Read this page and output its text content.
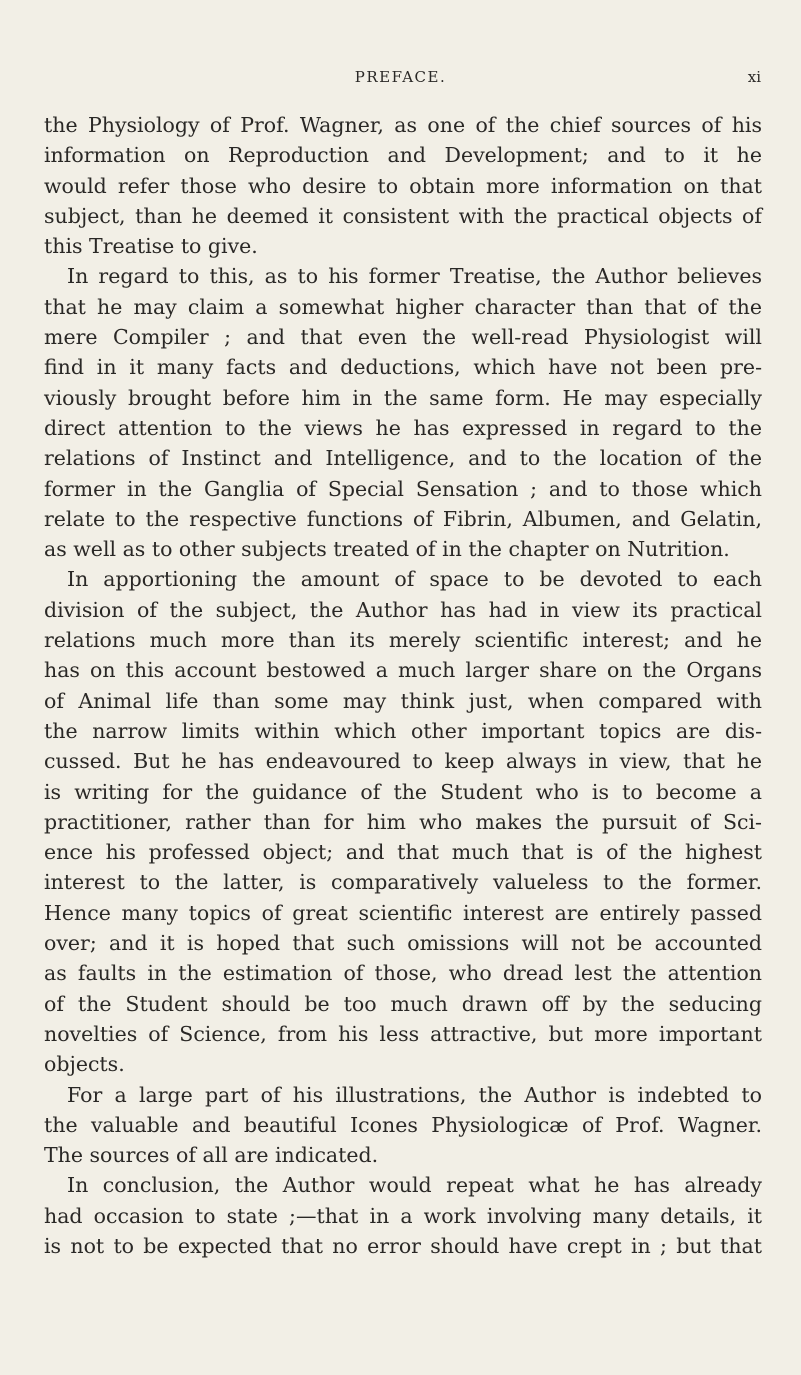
PREFACE.	xi
the Physiology of Prof. Wagner, as one of the chief sources of his
information on Reproduction and Development; and to it he
would refer those who desire to obtain more information on that
subject, than he deemed it consistent with the practical objects of
this Treatise to give.
In regard to this, as to his former Treatise, the Author believes
that he may claim a somewhat higher character than that of the
mere Compiler ; and that even the well-read Physiologist will
find in it many facts and deductions, which have not been pre-
viously brought before him in the same form. He may especially
direct attention to the views he has expressed in regard to the
relations of Instinct and Intelligence, and to the location of the
former in the Ganglia of Special Sensation ; and to those which
relate to the respective functions of Fibrin, Albumen, and Gelatin,
as well as to other subjects treated of in the chapter on Nutrition.
In apportioning the amount of space to be devoted to each
division of the subject, the Author has had in view its practical
relations much more than its merely scientific interest; and he
has on this account bestowed a much larger share on the Organs
of Animal life than some may think just, when compared with
the narrow limits within which other important topics are dis-
cussed. But he has endeavoured to keep always in view, that he
is writing for the guidance of the Student who is to become a
practitioner, rather than for him who makes the pursuit of Sci-
ence his professed object; and that much that is of the highest
interest to the latter, is comparatively valueless to the former.
Hence many topics of great scientific interest are entirely passed
over; and it is hoped that such omissions will not be accounted
as faults in the estimation of those, who dread lest the attention
of the Student should be too much drawn off by the seducing
novelties of Science, from his less attractive, but more important
objects.
For a large part of his illustrations, the Author is indebted to
the valuable and beautiful Icones Physiologicæ of Prof. Wagner.
The sources of all are indicated.
In conclusion, the Author would repeat what he has already
had occasion to state ;—that in a work involving many details, it
is not to be expected that no error should have crept in ; but that
